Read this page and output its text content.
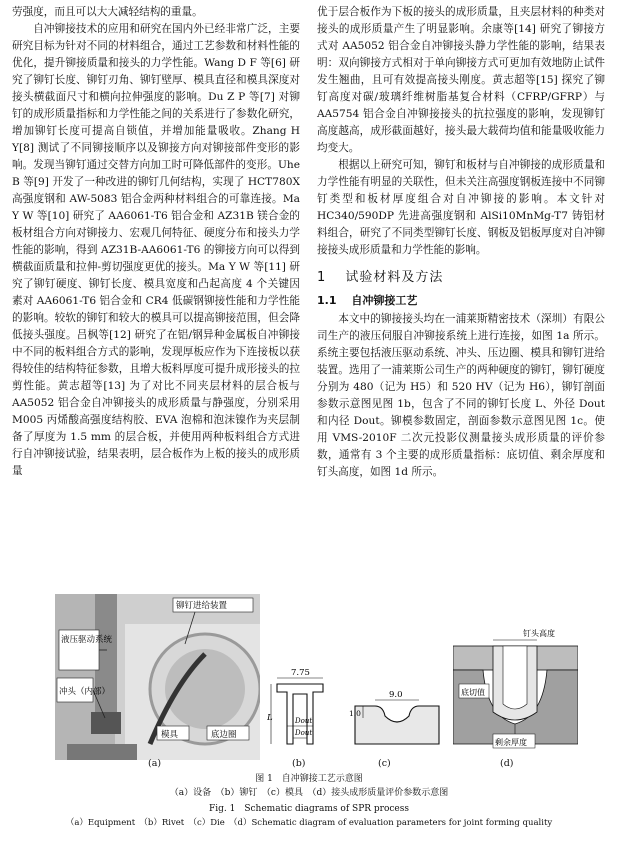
劳强度，而且可以大大减轻结构的重量。

自冲铆接技术的应用和研究在国内外已经非常广泛，主要研究目标为针对不同的材料组合，通过工艺参数和材料性能的优化，提升铆接质量和接头的力学性能。Wang D F 等[6] 研究了铆钉长度、铆钉刃角、铆钉壁厚、模具直径和模具深度对接头横截面尺寸和横向拉伸强度的影响。Du Z P 等[7] 对铆钉的成形质量指标和力学性能之间的关系进行了参数化研究，增加铆钉长度可提高自锁值，并增加能量吸收。Zhang H Y[8] 测试了不同铆接顺序以及铆接方向对铆接部件变形的影响。发现当铆钉通过交替方向加工时可降低部件的变形。Uhe B 等[9] 开发了一种改进的铆钉几何结构，实现了 HCT780X 高强度钢和 AW-5083 铝合金两种材料组合的可靠连接。Ma Y W 等[10] 研究了 AA6061-T6 铝合金和 AZ31B 镁合金的板材组合方向对铆接力、宏观几何特征、硬度分布和接头力学性能的影响，得到 AZ31B-AA6061-T6 的铆接方向可以得到横截面质量和拉伸-剪切强度更优的接头。Ma Y W 等[11] 研究了铆钉硬度、铆钉长度、模具宽度和凸起高度 4 个关键因素对 AA6061-T6 铝合金和 CR4 低碳钢铆接性能和力学性能的影响。较软的铆钉和较大的模具可以提高铆接范围，但会降低接头强度。吕枫等[12] 研究了在铝/钢异种金属板自冲铆接中不同的板料组合方式的影响，发现厚板应作为下连接板以获得较佳的结构特征参数，且增大板料厚度可提升成形接头的拉剪性能。黄志超等[13] 为了对比不同夹层材料的层合板与 AA5052 铝合金自冲铆接头的成形质量与静强度，分别采用 M005 丙烯酸高强度结构胶、EVA 泡棉和泡沫镍作为夹层制备了厚度为 1.5 mm 的层合板，并使用两种板料组合方式进行自冲铆接试验，结果表明，层合板作为上板的接头的成形质量

优于层合板作为下板的接头的成形质量，且夹层材料的种类对接头的成形质量产生了明显影响。余康等[14] 研究了铆接方式对 AA5052 铝合金自冲铆接头静力学性能的影响，结果表明：双向铆接方式相对于单向铆接方式可更加有效地防止试件发生翘曲，且可有效提高接头刚度。黄志超等[15] 探究了铆钉高度对碳/玻璃纤维树脂基复合材料（CFRP/GFRP）与 AA5754 铝合金自冲铆接接头的抗拉强度的影响，发现铆钉高度越高，成形截面越好，接头最大载荷均值和能量吸收能力均变大。

根据以上研究可知，铆钉和板材与自冲铆接的成形质量和力学性能有明显的关联性，但未关注高强度钢板连接中不同铆钉类型和板材厚度组合对自冲铆接的影响。本文针对 HC340/590DP 先进高强度钢和 AlSi10MnMg-T7 铸铝材料组合，研究了不同类型铆钉长度、钢板及铝板厚度对自冲铆接接头成形质量和力学性能的影响。

1　 试验材料及方法
1.1　 自冲铆接工艺

本文中的铆接接头均在一浦莱斯精密技术（深圳）有限公司生产的液压伺服自冲铆接系统上进行连接，如图 1a 所示。系统主要包括液压驱动系统、冲头、压边圈、模具和铆钉进给装置。选用了一浦莱斯公司生产的两种硬度的铆钉，铆钉硬度分别为 480（记为 H5）和 520 HV（记为 H6），铆钉剖面参数示意图见图 1b，包含了不同的铆钉长度 L、外径 Dout 和内径 Dout。铆模参数固定，剖面参数示意图见图 1c。使用 VMS-2010F 二次元投影仪测量接头成形质量的评价参数，通常有 3 个主要的成形质量指标：底切值、剩余厚度和钉头高度，如图 1d 所示。

液压驱动系统
冲头（内部）
铆钉进给装置
模具	底边圈
7.75
L	Dout
Dout
9.0
1.0
钉头高度
底切值
剩余厚度
(a)	(b)	(c)	(d)
图 1　自冲铆接工艺示意图
（a）设备　（b）铆钉　（c）模具　（d）接头成形质量评价参数示意图
Fig. 1　Schematic diagrams of SPR process
（a）Equipment　（b）Rivet　（c）Die　（d）Schematic diagram of evaluation parameters for joint forming quality
